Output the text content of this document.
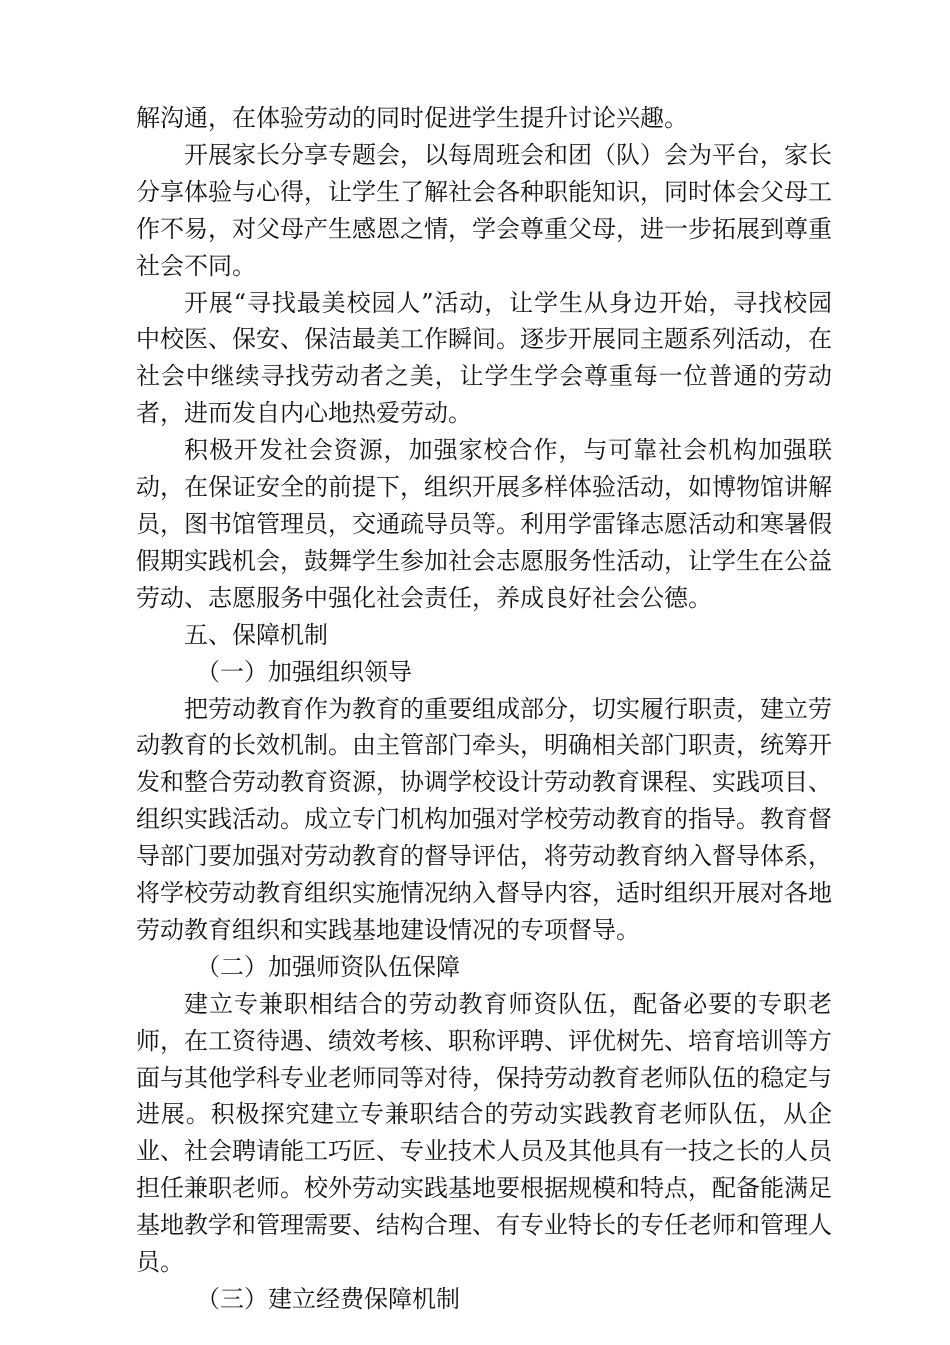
解沟通，在体验劳动的同时促进学生提升讨论兴趣。

开展家长分享专题会，以每周班会和团（队）会为平台，家长分享体验与心得，让学生了解社会各种职能知识，同时体会父母工作不易，对父母产生感恩之情，学会尊重父母，进一步拓展到尊重社会不同。

开展“寻找最美校园人”活动，让学生从身边开始，寻找校园中校医、保安、保洁最美工作瞬间。逐步开展同主题系列活动，在社会中继续寻找劳动者之美，让学生学会尊重每一位普通的劳动者，进而发自内心地热爱劳动。

积极开发社会资源，加强家校合作，与可靠社会机构加强联动，在保证安全的前提下，组织开展多样体验活动，如博物馆讲解员，图书馆管理员，交通疏导员等。利用学雷锋志愿活动和寒暑假假期实践机会，鼓舞学生参加社会志愿服务性活动，让学生在公益劳动、志愿服务中强化社会责任，养成良好社会公德。

五、保障机制

（一）加强组织领导

把劳动教育作为教育的重要组成部分，切实履行职责，建立劳动教育的长效机制。由主管部门牵头，明确相关部门职责，统筹开发和整合劳动教育资源，协调学校设计劳动教育课程、实践项目、组织实践活动。成立专门机构加强对学校劳动教育的指导。教育督导部门要加强对劳动教育的督导评估，将劳动教育纳入督导体系，将学校劳动教育组织实施情况纳入督导内容，适时组织开展对各地劳动教育组织和实践基地建设情况的专项督导。

（二）加强师资队伍保障

建立专兼职相结合的劳动教育师资队伍，配备必要的专职老师，在工资待遇、绩效考核、职称评聘、评优树先、培育培训等方面与其他学科专业老师同等对待，保持劳动教育老师队伍的稳定与进展。积极探究建立专兼职结合的劳动实践教育老师队伍，从企业、社会聘请能工巧匠、专业技术人员及其他具有一技之长的人员担任兼职老师。校外劳动实践基地要根据规模和特点，配备能满足基地教学和管理需要、结构合理、有专业特长的专任老师和管理人员。

（三）建立经费保障机制
